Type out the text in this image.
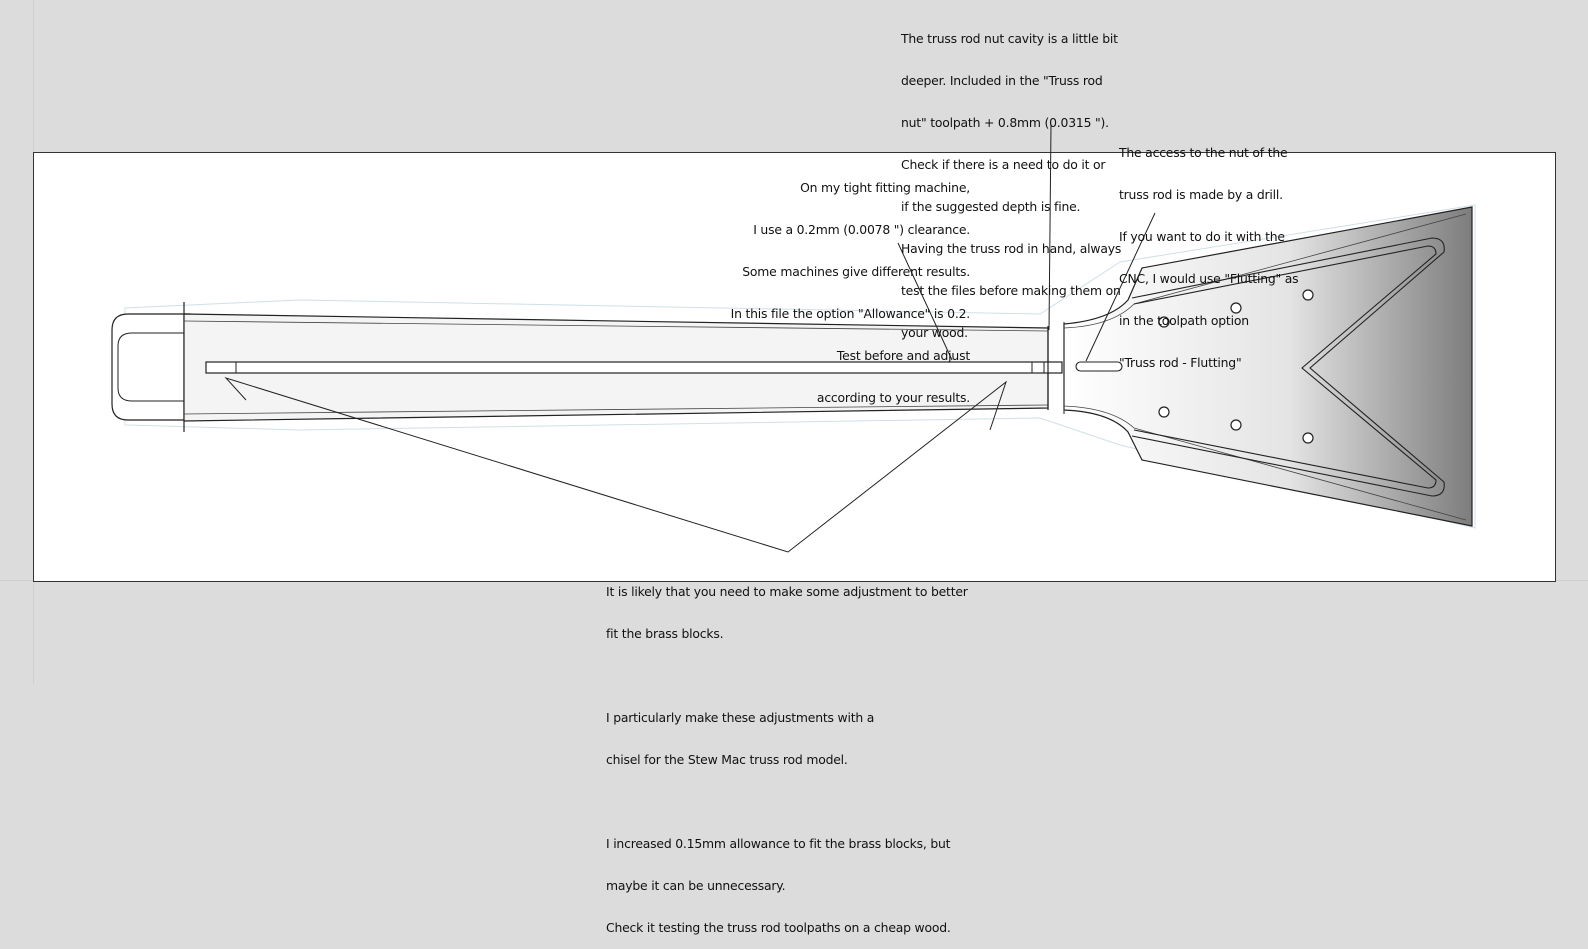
The truss rod nut cavity is a little bit

deeper. Included in the "Truss rod

nut" toolpath + 0.8mm (0.0315 ").

Check if there is a need to do it or

if the suggested depth is fine.

Having the truss rod in hand, always

test the files before making them on

your wood.

The access to the nut of the

truss rod is made by a drill.

If you want to do it with the

CNC, I would use "Flutting" as

in the toolpath option

"Truss rod - Flutting"

On my tight fitting machine,

I use a 0.2mm (0.0078 ") clearance.

Some machines give different results.

In this file the option "Allowance" is 0.2.

Test before and adjust

according to your results.

It is likely that you need to make some adjustment to better

fit the brass blocks.

I particularly make these adjustments with a

chisel for the Stew Mac truss rod model.

I increased 0.15mm allowance to fit the brass blocks, but

maybe it can be unnecessary.

Check it testing the truss rod toolpaths on a cheap wood.
